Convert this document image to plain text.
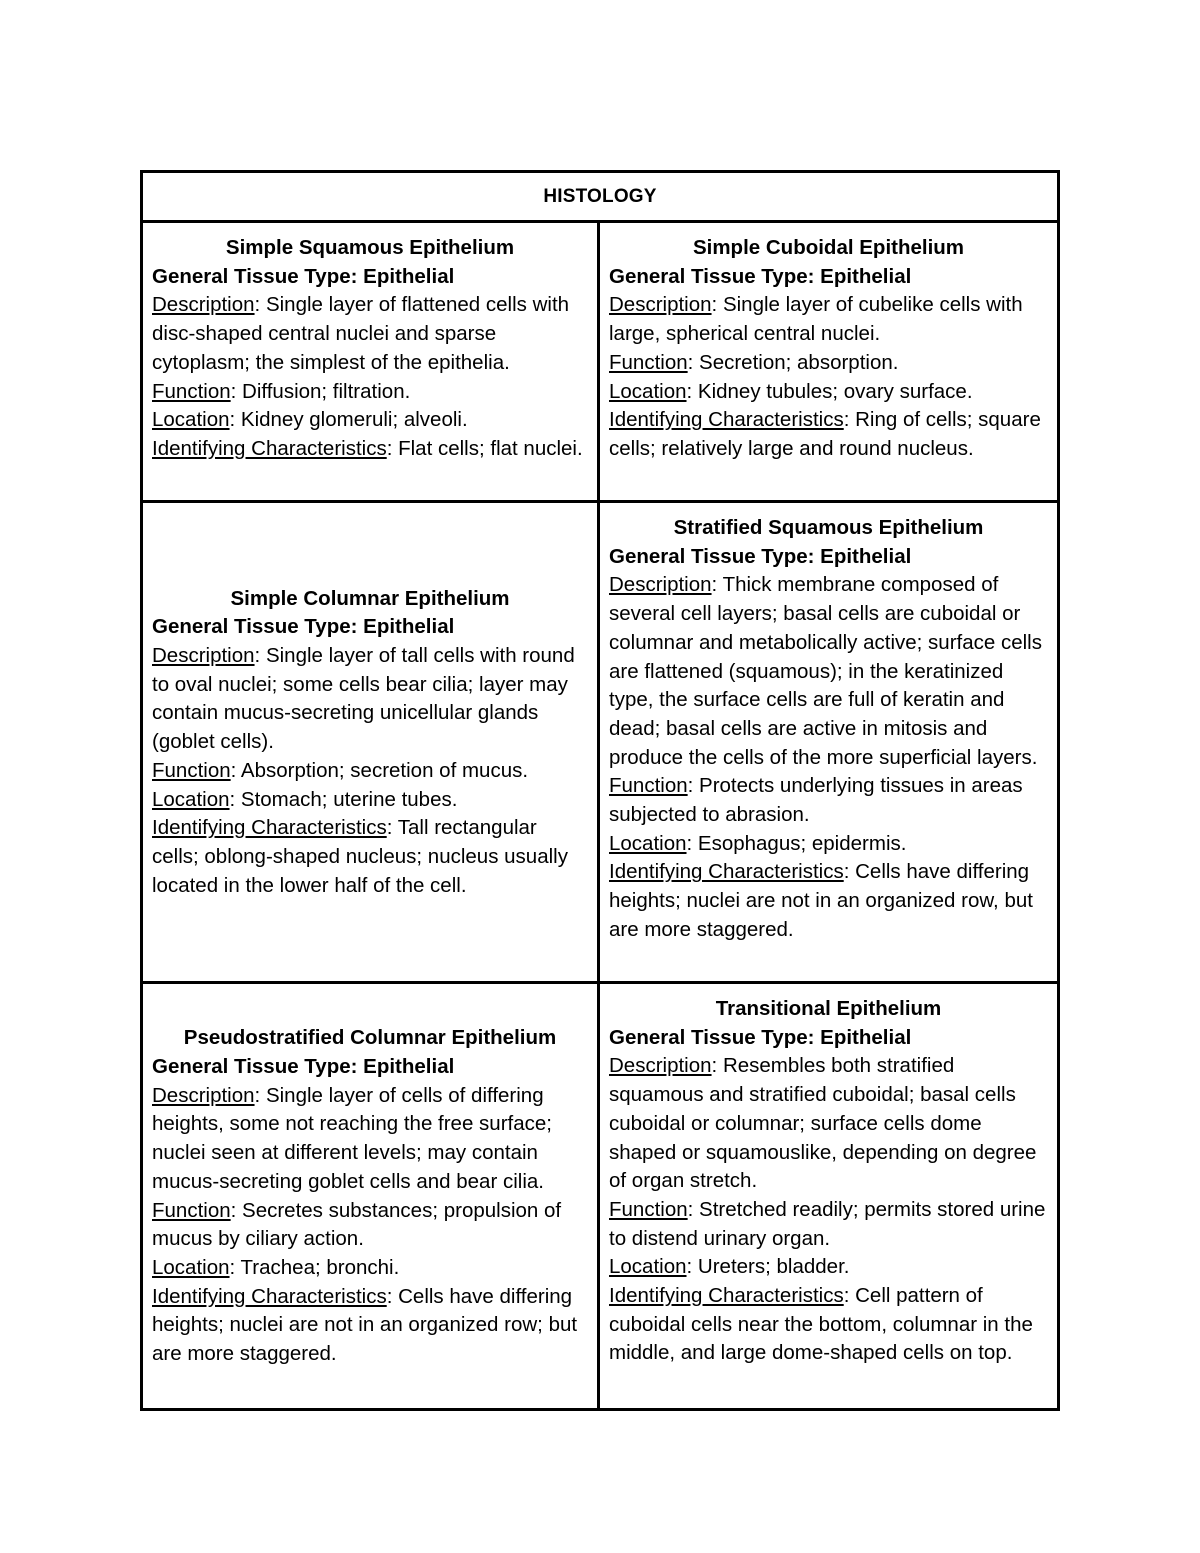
HISTOLOGY

Simple Squamous Epithelium

General Tissue Type: Epithelial

Description: Single layer of flattened cells with disc-shaped central nuclei and sparse cytoplasm; the simplest of the epithelia.

Function: Diffusion; filtration.

Location: Kidney glomeruli; alveoli.

Identifying Characteristics: Flat cells; flat nuclei.

Simple Cuboidal Epithelium

General Tissue Type: Epithelial

Description: Single layer of cubelike cells with large, spherical central nuclei.

Function: Secretion; absorption.

Location: Kidney tubules; ovary surface.

Identifying Characteristics: Ring of cells; square cells; relatively large and round nucleus.

Simple Columnar Epithelium

General Tissue Type: Epithelial

Description: Single layer of tall cells with round to oval nuclei; some cells bear cilia; layer may contain mucus-secreting unicellular glands (goblet cells).

Function: Absorption; secretion of mucus.

Location: Stomach; uterine tubes.

Identifying Characteristics: Tall rectangular cells; oblong-shaped nucleus; nucleus usually located in the lower half of the cell.

Stratified Squamous Epithelium

General Tissue Type: Epithelial

Description: Thick membrane composed of several cell layers; basal cells are cuboidal or columnar and metabolically active; surface cells are flattened (squamous); in the keratinized type, the surface cells are full of keratin and dead; basal cells are active in mitosis and produce the cells of the more superficial layers.

Function: Protects underlying tissues in areas subjected to abrasion.

Location: Esophagus; epidermis.

Identifying Characteristics: Cells have differing heights; nuclei are not in an organized row, but are more staggered.

Pseudostratified Columnar Epithelium

General Tissue Type: Epithelial

Description: Single layer of cells of differing heights, some not reaching the free surface; nuclei seen at different levels; may contain mucus-secreting goblet cells and bear cilia.

Function: Secretes substances; propulsion of mucus by ciliary action.

Location: Trachea; bronchi.

Identifying Characteristics: Cells have differing heights; nuclei are not in an organized row; but are more staggered.

Transitional Epithelium

General Tissue Type: Epithelial

Description: Resembles both stratified squamous and stratified cuboidal; basal cells cuboidal or columnar; surface cells dome shaped or squamouslike, depending on degree of organ stretch.

Function: Stretched readily; permits stored urine to distend urinary organ.

Location: Ureters; bladder.

Identifying Characteristics: Cell pattern of cuboidal cells near the bottom, columnar in the middle, and large dome-shaped cells on top.
